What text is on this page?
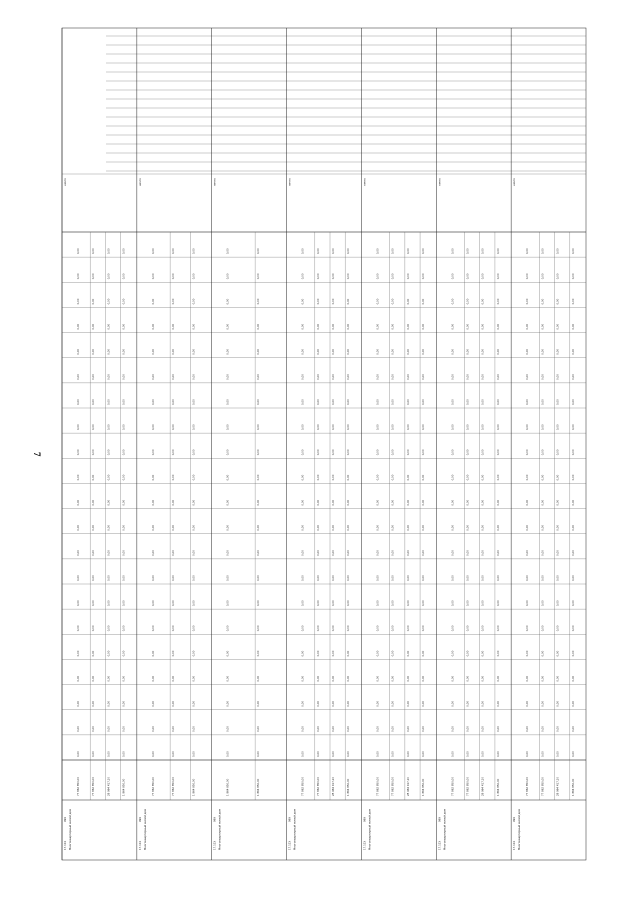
7
17.11Х
999 Многоквартирный жилой дом
ничто
77 862 850,00
0,00
0,00
0,00
0,00
0,00
0,00
0,00
0,00
0,00
0,00
0,00
0,00
0,00
0,00
0,00
0,00
0,00
0,00
0,00
0,00
0,00
77 862 850,00
0,00
0,00
0,00
0,00
0,00
0,00
0,00
0,00
0,00
0,00
0,00
0,00
0,00
0,00
0,00
0,00
0,00
0,00
0,00
0,00
0,00
28 964 417,10
0,00
0,00
0,00
0,00
0,00
0,00
0,00
0,00
0,00
0,00
0,00
0,00
0,00
0,00
0,00
0,00
0,00
0,00
0,00
0,00
0,00
1 864 850,00
0,00
0,00
0,00
0,00
0,00
0,00
0,00
0,00
0,00
0,00
0,00
0,00
0,00
0,00
0,00
0,00
0,00
0,00
0,00
0,00
0,00
17.11Х
999 Многоквартирный жилой дом
ничто
77 862 850,00
0,00
0,00
0,00
0,00
0,00
0,00
0,00
0,00
0,00
0,00
0,00
0,00
0,00
0,00
0,00
0,00
0,00
0,00
0,00
0,00
0,00
77 862 850,00
0,00
0,00
0,00
0,00
0,00
0,00
0,00
0,00
0,00
0,00
0,00
0,00
0,00
0,00
0,00
0,00
0,00
0,00
0,00
0,00
0,00
1 864 850,00
0,00
0,00
0,00
0,00
0,00
0,00
0,00
0,00
0,00
0,00
0,00
0,00
0,00
0,00
0,00
0,00
0,00
0,00
0,00
0,00
0,00
17.11Х
999 Многоквартирный жилой дом
ничто
1 864 850,00
0,00
0,00
0,00
0,00
0,00
0,00
0,00
0,00
0,00
0,00
0,00
0,00
0,00
0,00
0,00
0,00
0,00
0,00
0,00
0,00
0,00
1 864 850,00
0,00
0,00
0,00
0,00
0,00
0,00
0,00
0,00
0,00
0,00
0,00
0,00
0,00
0,00
0,00
0,00
0,00
0,00
0,00
0,00
0,00
17.11Х
999 Многоквартирный жилой дом
ничто
77 862 850,00
0,00
0,00
0,00
0,00
0,00
0,00
0,00
0,00
0,00
0,00
0,00
0,00
0,00
0,00
0,00
0,00
0,00
0,00
0,00
0,00
0,00
77 862 850,00
0,00
0,00
0,00
0,00
0,00
0,00
0,00
0,00
0,00
0,00
0,00
0,00
0,00
0,00
0,00
0,00
0,00
0,00
0,00
0,00
0,00
28 964 417,10
0,00
0,00
0,00
0,00
0,00
0,00
0,00
0,00
0,00
0,00
0,00
0,00
0,00
0,00
0,00
0,00
0,00
0,00
0,00
0,00
0,00
1 864 850,00
0,00
0,00
0,00
0,00
0,00
0,00
0,00
0,00
0,00
0,00
0,00
0,00
0,00
0,00
0,00
0,00
0,00
0,00
0,00
0,00
0,00
17.11Х
999 Многоквартирный жилой дом
ничто
77 862 850,00
0,00
0,00
0,00
0,00
0,00
0,00
0,00
0,00
0,00
0,00
0,00
0,00
0,00
0,00
0,00
0,00
0,00
0,00
0,00
0,00
0,00
77 862 850,00
0,00
0,00
0,00
0,00
0,00
0,00
0,00
0,00
0,00
0,00
0,00
0,00
0,00
0,00
0,00
0,00
0,00
0,00
0,00
0,00
0,00
28 964 417,10
0,00
0,00
0,00
0,00
0,00
0,00
0,00
0,00
0,00
0,00
0,00
0,00
0,00
0,00
0,00
0,00
0,00
0,00
0,00
0,00
0,00
1 864 850,00
0,00
0,00
0,00
0,00
0,00
0,00
0,00
0,00
0,00
0,00
0,00
0,00
0,00
0,00
0,00
0,00
0,00
0,00
0,00
0,00
0,00
17.11Х
999 Многоквартирный жилой дом
ничто
77 862 850,00
0,00
0,00
0,00
0,00
0,00
0,00
0,00
0,00
0,00
0,00
0,00
0,00
0,00
0,00
0,00
0,00
0,00
0,00
0,00
0,00
0,00
77 862 850,00
0,00
0,00
0,00
0,00
0,00
0,00
0,00
0,00
0,00
0,00
0,00
0,00
0,00
0,00
0,00
0,00
0,00
0,00
0,00
0,00
0,00
28 964 417,10
0,00
0,00
0,00
0,00
0,00
0,00
0,00
0,00
0,00
0,00
0,00
0,00
0,00
0,00
0,00
0,00
0,00
0,00
0,00
0,00
0,00
1 864 850,00
0,00
0,00
0,00
0,00
0,00
0,00
0,00
0,00
0,00
0,00
0,00
0,00
0,00
0,00
0,00
0,00
0,00
0,00
0,00
0,00
0,00
17.11Х
999 Многоквартирный жилой дом
ничто
77 862 850,00
0,00
0,00
0,00
0,00
0,00
0,00
0,00
0,00
0,00
0,00
0,00
0,00
0,00
0,00
0,00
0,00
0,00
0,00
0,00
0,00
0,00
77 862 850,00
0,00
0,00
0,00
0,00
0,00
0,00
0,00
0,00
0,00
0,00
0,00
0,00
0,00
0,00
0,00
0,00
0,00
0,00
0,00
0,00
0,00
28 964 417,10
0,00
0,00
0,00
0,00
0,00
0,00
0,00
0,00
0,00
0,00
0,00
0,00
0,00
0,00
0,00
0,00
0,00
0,00
0,00
0,00
0,00
1 864 850,00
0,00
0,00
0,00
0,00
0,00
0,00
0,00
0,00
0,00
0,00
0,00
0,00
0,00
0,00
0,00
0,00
0,00
0,00
0,00
0,00
0,00
